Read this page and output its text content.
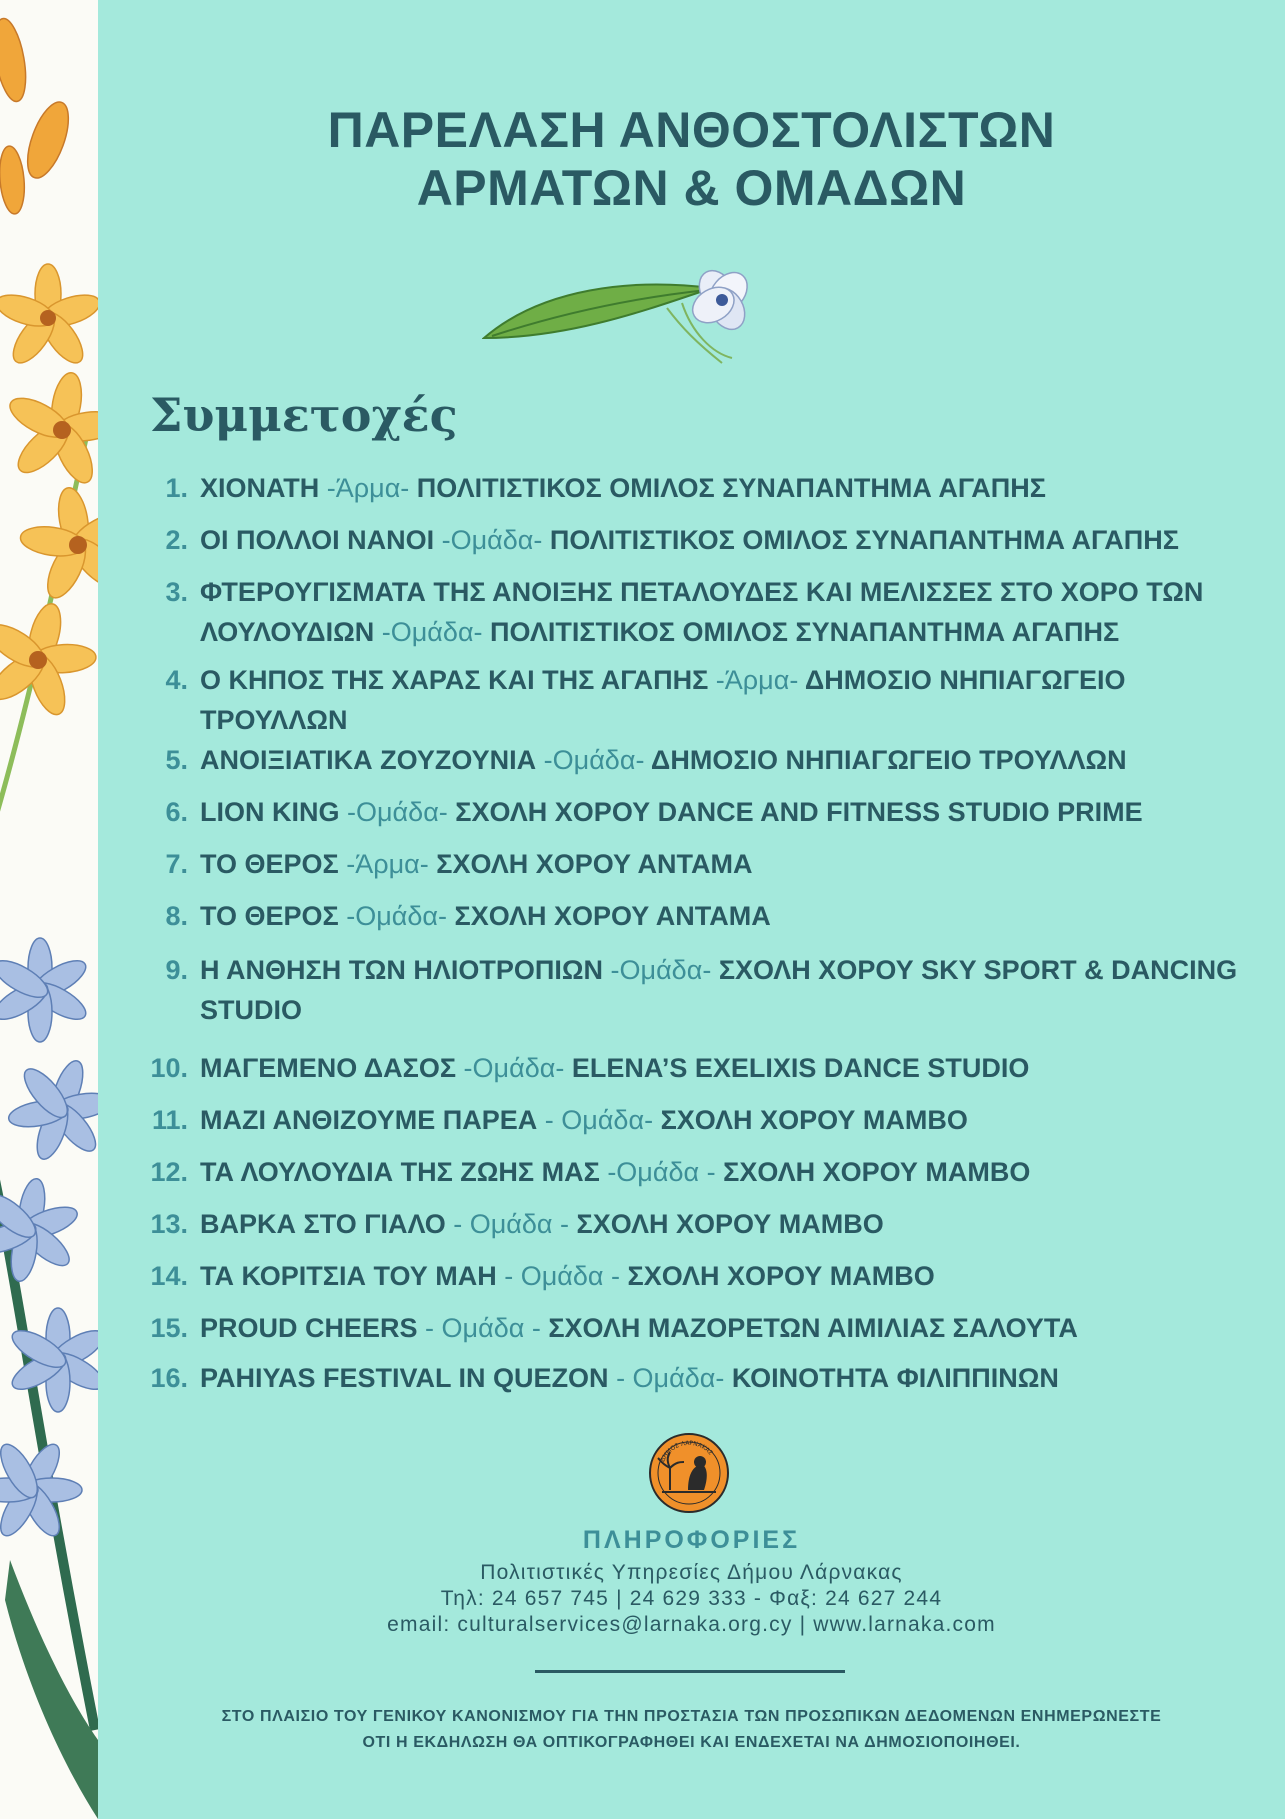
ΠΑΡΕΛΑΣΗ ΑΝΘΟΣΤΟΛΙΣΤΩΝ
ΑΡΜΑΤΩΝ & ΟΜΑΔΩΝ
Συμμετοχές
1. ΧΙΟΝΑΤΗ -Άρμα- ΠΟΛΙΤΙΣΤΙΚΟΣ ΟΜΙΛΟΣ ΣΥΝΑΠΑΝΤΗΜΑ ΑΓΑΠΗΣ
2. ΟΙ ΠΟΛΛΟΙ ΝΑΝΟΙ -Ομάδα- ΠΟΛΙΤΙΣΤΙΚΟΣ ΟΜΙΛΟΣ ΣΥΝΑΠΑΝΤΗΜΑ ΑΓΑΠΗΣ
3. ΦΤΕΡΟΥΓΙΣΜΑΤΑ ΤΗΣ ΑΝΟΙΞΗΣ ΠΕΤΑΛΟΥΔΕΣ ΚΑΙ ΜΕΛΙΣΣΕΣ ΣΤΟ ΧΟΡΟ ΤΩΝ ΛΟΥΛΟΥΔΙΩΝ -Ομάδα- ΠΟΛΙΤΙΣΤΙΚΟΣ ΟΜΙΛΟΣ ΣΥΝΑΠΑΝΤΗΜΑ ΑΓΑΠΗΣ
4. Ο ΚΗΠΟΣ ΤΗΣ ΧΑΡΑΣ ΚΑΙ ΤΗΣ ΑΓΑΠΗΣ -Άρμα- ΔΗΜΟΣΙΟ ΝΗΠΙΑΓΩΓΕΙΟ ΤΡΟΥΛΛΩΝ
5. ΑΝΟΙΞΙΑΤΙΚΑ ΖΟΥΖΟΥΝΙΑ -Ομάδα- ΔΗΜΟΣΙΟ ΝΗΠΙΑΓΩΓΕΙΟ ΤΡΟΥΛΛΩΝ
6. LION KING -Ομάδα- ΣΧΟΛΗ ΧΟΡΟΥ DANCE AND FITNESS STUDIO PRIME
7. ΤΟ ΘΕΡΟΣ -Άρμα- ΣΧΟΛΗ ΧΟΡΟΥ ΑΝΤΑΜΑ
8. ΤΟ ΘΕΡΟΣ -Ομάδα- ΣΧΟΛΗ ΧΟΡΟΥ ΑΝΤΑΜΑ
9. Η ΑΝΘΗΣΗ ΤΩΝ ΗΛΙΟΤΡΟΠΙΩΝ -Ομάδα- ΣΧΟΛΗ ΧΟΡΟΥ SKY SPORT & DANCING STUDIO
10. ΜΑΓΕΜΕΝΟ ΔΑΣΟΣ -Ομάδα- ELENA’S EXELIXIS DANCE STUDIO
11. ΜΑΖΙ ΑΝΘΙΖΟΥΜΕ ΠΑΡΕΑ - Ομάδα- ΣΧΟΛΗ ΧΟΡΟΥ ΜΑΜΒΟ
12. ΤΑ ΛΟΥΛΟΥΔΙΑ ΤΗΣ ΖΩΗΣ ΜΑΣ -Ομάδα - ΣΧΟΛΗ ΧΟΡΟΥ ΜΑΜΒΟ
13. ΒΑΡΚΑ ΣΤΟ ΓΙΑΛΟ - Ομάδα - ΣΧΟΛΗ ΧΟΡΟΥ ΜΑΜΒΟ
14. ΤΑ ΚΟΡΙΤΣΙΑ ΤΟΥ ΜΑΗ - Ομάδα - ΣΧΟΛΗ ΧΟΡΟΥ ΜΑΜΒΟ
15. PROUD CHEERS - Ομάδα - ΣΧΟΛΗ ΜΑΖΟΡΕΤΩΝ ΑΙΜΙΛΙΑΣ ΣΑΛΟΥΤΑ
16. PAHIYAS FESTIVAL IN QUEZON - Ομάδα- ΚΟΙΝΟΤΗΤΑ ΦΙΛΙΠΠΙΝΩΝ
ΔΗΜΟΣ ΛΑΡΝΑΚΑΣ
ΠΛΗΡΟΦΟΡΙΕΣ

Πολιτιστικές Υπηρεσίες Δήμου Λάρνακας

Τηλ: 24 657 745 | 24 629 333 - Φαξ: 24 627 244

email: culturalservices@larnaka.org.cy | www.larnaka.com

ΣΤΟ ΠΛΑΙΣΙΟ ΤΟΥ ΓΕΝΙΚΟΥ ΚΑΝΟΝΙΣΜΟΥ ΓΙΑ ΤΗΝ ΠΡΟΣΤΑΣΙΑ ΤΩΝ ΠΡΟΣΩΠΙΚΩΝ ΔΕΔΟΜΕΝΩΝ ΕΝΗΜΕΡΩΝΕΣΤΕ

ΟΤΙ Η ΕΚΔΗΛΩΣΗ ΘΑ ΟΠΤΙΚΟΓΡΑΦΗΘΕΙ ΚΑΙ ΕΝΔΕΧΕΤΑΙ ΝΑ ΔΗΜΟΣΙΟΠΟΙΗΘΕΙ.
